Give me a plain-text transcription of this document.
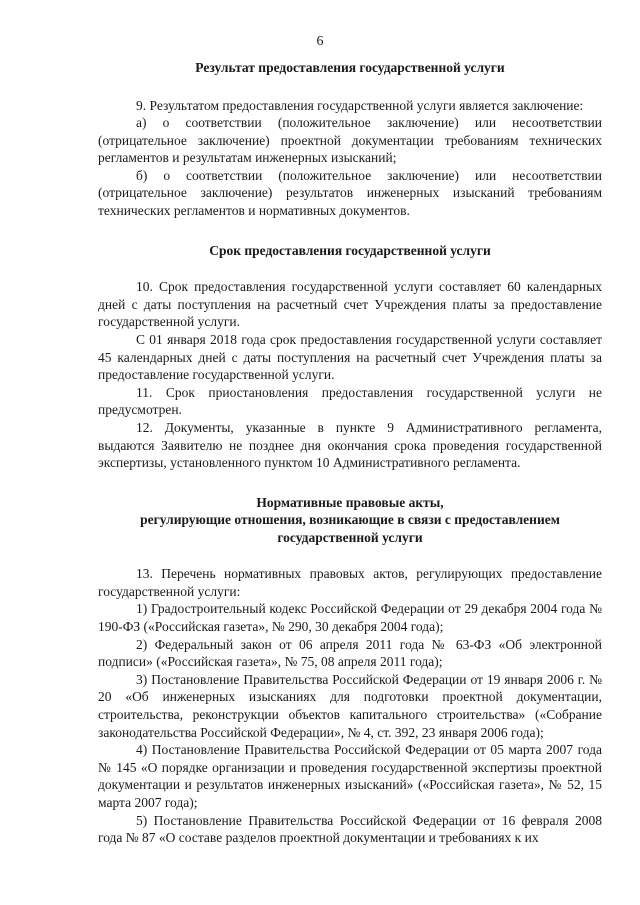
6
Результат предоставления государственной услуги

9. Результатом предоставления государственной услуги является заключение:

а) о соответствии (положительное заключение) или несоответствии (отрицательное заключение) проектной документации требованиям технических регламентов и результатам инженерных изысканий;

б) о соответствии (положительное заключение) или несоответствии (отрицательное заключение) результатов инженерных изысканий требованиям технических регламентов и нормативных документов.

Срок предоставления государственной услуги

10. Срок предоставления государственной услуги составляет 60 календарных дней с даты поступления на расчетный счет Учреждения платы за предоставление государственной услуги.

С 01 января 2018 года срок предоставления государственной услуги составляет 45 календарных дней с даты поступления на расчетный счет Учреждения платы за предоставление государственной услуги.

11. Срок приостановления предоставления государственной услуги не предусмотрен.

12. Документы, указанные в пункте 9 Административного регламента, выдаются Заявителю не позднее дня окончания срока проведения государственной экспертизы, установленного пунктом 10 Административного регламента.

Нормативные правовые акты,
регулирующие отношения, возникающие в связи с предоставлением
государственной услуги

13. Перечень нормативных правовых актов, регулирующих предоставление государственной услуги:

1) Градостроительный кодекс Российской Федерации от 29 декабря 2004 года № 190-ФЗ («Российская газета», № 290, 30 декабря 2004 года);

2) Федеральный закон от 06 апреля 2011 года № 63-ФЗ «Об электронной подписи» («Российская газета», № 75, 08 апреля 2011 года);

3) Постановление Правительства Российской Федерации от 19 января 2006 г. № 20 «Об инженерных изысканиях для подготовки проектной документации, строительства, реконструкции объектов капитального строительства» («Собрание законодательства Российской Федерации», № 4, ст. 392, 23 января 2006 года);

4) Постановление Правительства Российской Федерации от 05 марта 2007 года № 145 «О порядке организации и проведения государственной экспертизы проектной документации и результатов инженерных изысканий» («Российская газета», № 52, 15 марта 2007 года);

5) Постановление Правительства Российской Федерации от 16 февраля 2008 года № 87 «О составе разделов проектной документации и требованиях к их
